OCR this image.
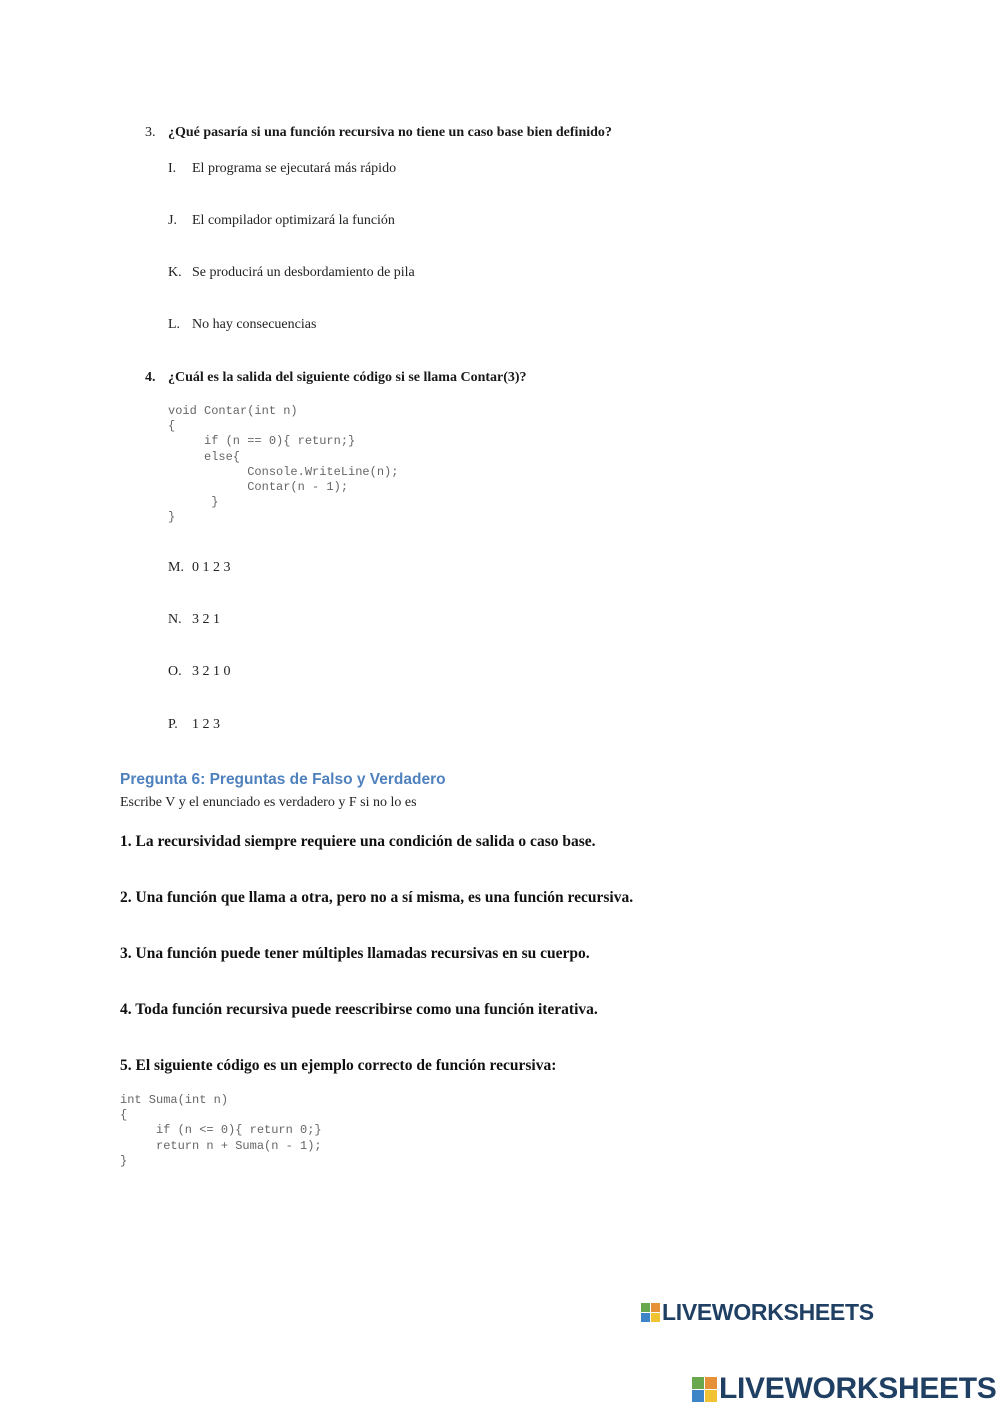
3. ¿Qué pasaría si una función recursiva no tiene un caso base bien definido?
I. El programa se ejecutará más rápido
J. El compilador optimizará la función
K. Se producirá un desbordamiento de pila
L. No hay consecuencias
4. ¿Cuál es la salida del siguiente código si se llama Contar(3)?
void Contar(int n)
{
if (n == 0){ return;}
else{
Console.WriteLine(n);
Contar(n - 1);
}
}
M. 0 1 2 3
N. 3 2 1
O. 3 2 1 0
P. 1 2 3
Pregunta 6: Preguntas de Falso y Verdadero
Escribe V y el enunciado es verdadero y F si no lo es
1. La recursividad siempre requiere una condición de salida o caso base.
2. Una función que llama a otra, pero no a sí misma, es una función recursiva.
3. Una función puede tener múltiples llamadas recursivas en su cuerpo.
4. Toda función recursiva puede reescribirse como una función iterativa.
5. El siguiente código es un ejemplo correcto de función recursiva:
int Suma(int n)
{
if (n <= 0){ return 0;}
return n + Suma(n - 1);
}
LIVEWORKSHEETS
LIVEWORKSHEETS
